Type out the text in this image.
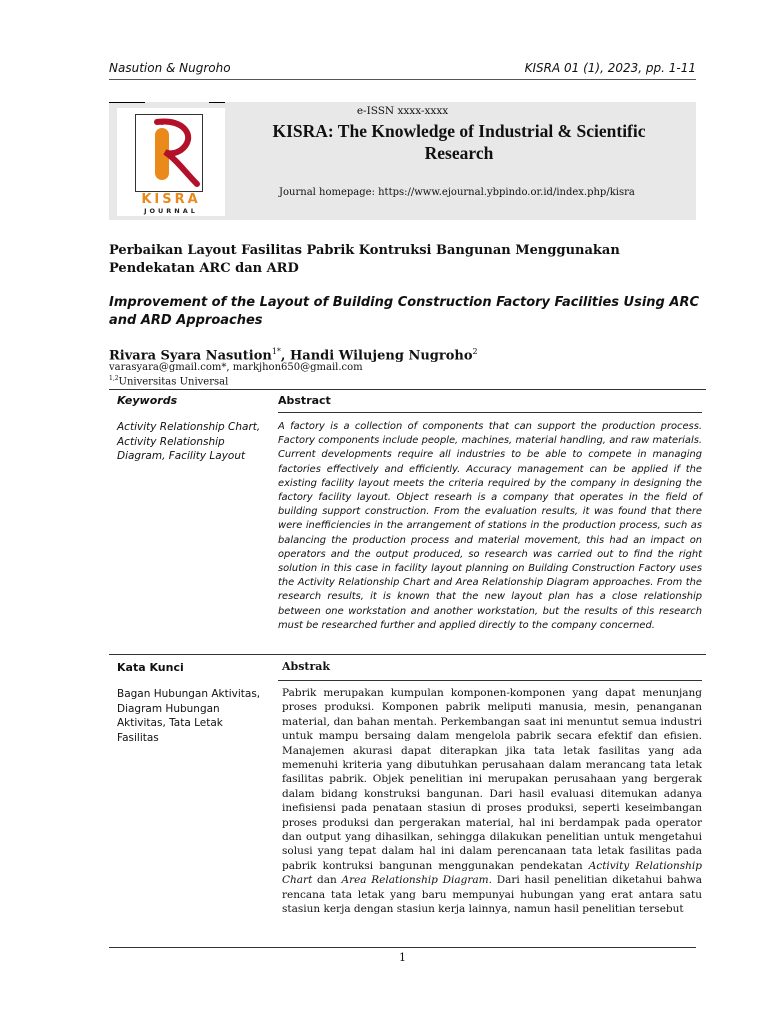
Nasution & Nugroho	KISRA 01 (1), 2023, pp. 1-11
KISRA
JOURNAL
e-ISSN xxxx-xxxx
KISRA: The Knowledge of Industrial & Scientific Research
Journal homepage: https://www.ejournal.ybpindo.or.id/index.php/kisra
Perbaikan Layout Fasilitas Pabrik Kontruksi Bangunan Menggunakan Pendekatan ARC dan ARD
Improvement of the Layout of Building Construction Factory Facilities Using ARC and ARD Approaches
Rivara Syara Nasution$^{1*}$, Handi Wilujeng Nugroho$^2$
varasyara@gmail.com*, markjhon650@gmail.com
$^{1,2}$Universitas Universal
Keywords	Abstract
Activity Relationship Chart, Activity Relationship Diagram, Facility Layout
A factory is a collection of components that can support the production process. Factory components include people, machines, material handling, and raw materials. Current developments require all industries to be able to compete in managing factories effectively and efficiently. Accuracy management can be applied if the existing facility layout meets the criteria required by the company in designing the factory facility layout. Object researh is a company that operates in the field of building support construction. From the evaluation results, it was found that there were inefficiencies in the arrangement of stations in the production process, such as balancing the production process and material movement, this had an impact on operators and the output produced, so research was carried out to find the right solution in this case in facility layout planning on Building Construction Factory uses the Activity Relationship Chart and Area Relationship Diagram approaches. From the research results, it is known that the new layout plan has a close relationship between one workstation and another workstation, but the results of this research must be researched further and applied directly to the company concerned.
Kata Kunci	Abstrak
Bagan Hubungan Aktivitas, Diagram Hubungan Aktivitas, Tata Letak Fasilitas
Pabrik merupakan kumpulan komponen-komponen yang dapat menunjang proses produksi. Komponen pabrik meliputi manusia, mesin, penanganan material, dan bahan mentah. Perkembangan saat ini menuntut semua industri untuk mampu bersaing dalam mengelola pabrik secara efektif dan efisien. Manajemen akurasi dapat diterapkan jika tata letak fasilitas yang ada memenuhi kriteria yang dibutuhkan perusahaan dalam merancang tata letak fasilitas pabrik. Objek penelitian ini merupakan perusahaan yang bergerak dalam bidang konstruksi bangunan. Dari hasil evaluasi ditemukan adanya inefisiensi pada penataan stasiun di proses produksi, seperti keseimbangan proses produksi dan pergerakan material, hal ini berdampak pada operator dan output yang dihasilkan, sehingga dilakukan penelitian untuk mengetahui solusi yang tepat dalam hal ini dalam perencanaan tata letak fasilitas pada pabrik kontruksi bangunan menggunakan pendekatan Activity Relationship Chart dan Area Relationship Diagram. Dari hasil penelitian diketahui bahwa rencana tata letak yang baru mempunyai hubungan yang erat antara satu stasiun kerja dengan stasiun kerja lainnya, namun hasil penelitian tersebut
1
